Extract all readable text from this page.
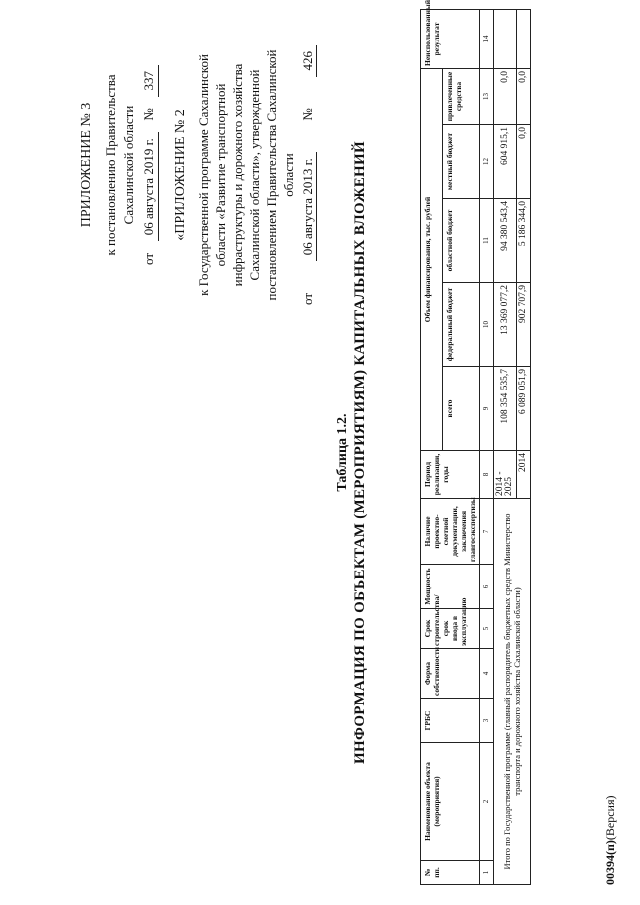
ПРИЛОЖЕНИЕ № 3 к постановлению Правительства Сахалинской области
от
06 августа 2019 г.
№
337
«ПРИЛОЖЕНИЕ № 2 к Государственной программе Сахалинской области «Развитие транспортной инфраструктуры и дорожного хозяйства Сахалинской области», утвержденной постановлением Правительства Сахалинской области
от
06 августа 2013 г.
№
426
Таблица 1.2. ИНФОРМАЦИЯ ПО ОБЪЕКТАМ (МЕРОПРИЯТИЯМ) КАПИТАЛЬНЫХ ВЛОЖЕНИЙ
№ пп.	Наименование объекта (мероприятия)	ГРБС	Форма собственности	Срок строительства/срок ввода в эксплуатацию	Мощность	Наличие проектно-сметной документации, заключения главгосэкспертизы	Период реализации, годы	Объем финансирования, тыс. рублей					Неиспользованный результат
								всего	федеральный бюджет	областной бюджет	местный бюджет	привлеченные средства	
1	2	3	4	5	6	7	8	9	10	11	12	13	14
Итого по Государственной программе (главный распорядитель бюджетных средств Министерство транспорта и дорожного хозяйства Сахалинской области)							2014 - 2025	108 354 535,7	13 369 077,2	94 380 543,4	604 915,1	0,0	
							2014	6 089 051,9	902 707,9	5 186 344,0	0,0	0,0	
00394(п)(Версия)
